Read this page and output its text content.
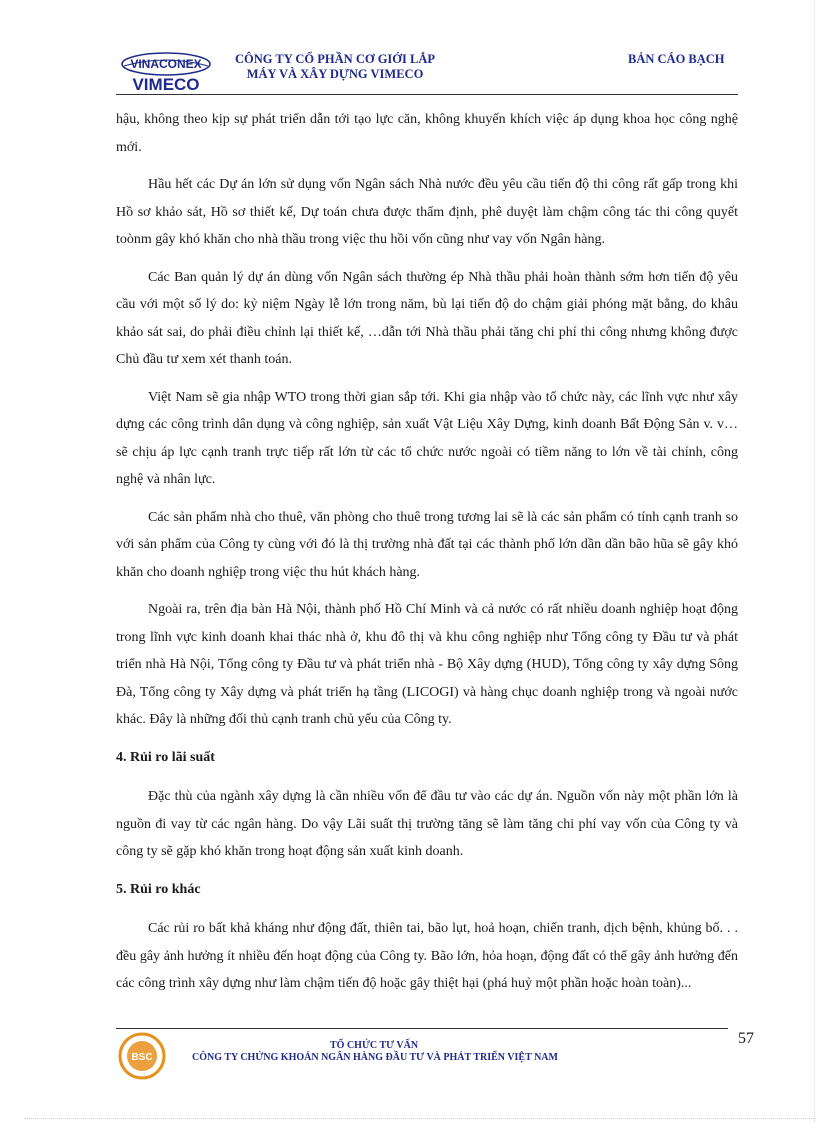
VINACONEX
VIMECO
CÔNG TY CỔ PHẦN CƠ GIỚI LẮP
MÁY VÀ XÂY DỰNG VIMECO
BẢN CÁO BẠCH

hậu, không theo kịp sự phát triển dẫn tới tạo lực căn, không khuyến khích việc áp dụng khoa học công nghệ mới.

Hầu hết các Dự án lớn sử dụng vốn Ngân sách Nhà nước đều yêu cầu tiến độ thi công rất gấp trong khi Hồ sơ khảo sát, Hồ sơ thiết kế, Dự toán chưa được thẩm định, phê duyệt làm chậm công tác thi công quyết toònm gây khó khăn cho nhà thầu trong việc thu hồi vốn cũng như vay vốn Ngân hàng.

Các Ban quản lý dự án dùng vốn Ngân sách thường ép Nhà thầu phải hoàn thành sớm hơn tiến độ yêu cầu với một số lý do: kỷ niệm Ngày lễ lớn trong năm, bù lại tiến độ do chậm giải phóng mặt bằng, do khâu khảo sát sai, do phải điều chỉnh lại thiết kế, …dẫn tới Nhà thầu phải tăng chi phí thi công nhưng không được Chủ đầu tư xem xét thanh toán.

Việt Nam sẽ gia nhập WTO trong thời gian sắp tới. Khi gia nhập vào tổ chức này, các lĩnh vực như xây dựng các công trình dân dụng và công nghiệp, sản xuất Vật Liệu Xây Dựng, kinh doanh Bất Động Sản v. v… sẽ chịu áp lực cạnh tranh trực tiếp rất lớn từ các tổ chức nước ngoài có tiềm năng to lớn về tài chính, công nghệ và nhân lực.

Các sản phẩm nhà cho thuê, văn phòng cho thuê trong tương lai sẽ là các sản phẩm có tính cạnh tranh so với sản phẩm của Công ty cùng với đó là thị trường nhà đất tại các thành phố lớn dần dần bão hũa sẽ gây khó khăn cho doanh nghiệp trong việc thu hút khách hàng.

Ngoài ra, trên địa bàn Hà Nội, thành phố Hồ Chí Minh và cả nước có rất nhiều doanh nghiệp hoạt động trong lĩnh vực kinh doanh khai thác nhà ở, khu đô thị và khu công nghiệp như Tổng công ty Đầu tư và phát triển nhà Hà Nội, Tổng công ty Đầu tư và phát triển nhà - Bộ Xây dựng (HUD), Tổng công ty xây dựng Sông Đà, Tổng công ty Xây dựng và phát triển hạ tầng (LICOGI) và hàng chục doanh nghiệp trong và ngoài nước khác. Đây là những đối thủ cạnh tranh chủ yếu của Công ty.

4. Rủi ro lãi suất

Đặc thù của ngành xây dựng là cần nhiều vốn để đầu tư vào các dự án. Nguồn vốn này một phần lớn là nguồn đi vay từ các ngân hàng. Do vậy Lãi suất thị trường tăng sẽ làm tăng chi phí vay vốn của Công ty và công ty sẽ gặp khó khăn trong hoạt động sản xuất kinh doanh.

5. Rủi ro khác

Các rủi ro bất khả kháng như động đất, thiên tai, bão lụt, hoả hoạn, chiến tranh, dịch bệnh, khủng bố. . . đều gây ảnh hưởng ít nhiều đến hoạt động của Công ty. Bão lớn, hỏa hoạn, động đất có thể gây ảnh hưởng đến các công trình xây dựng như làm chậm tiến độ hoặc gây thiệt hại (phá huỷ một phần hoặc hoàn toàn)...

BSC
TỔ CHỨC TƯ VẤN
CÔNG TY CHỨNG KHOÁN NGÂN HÀNG ĐẦU TƯ VÀ PHÁT TRIỂN VIỆT NAM
57
